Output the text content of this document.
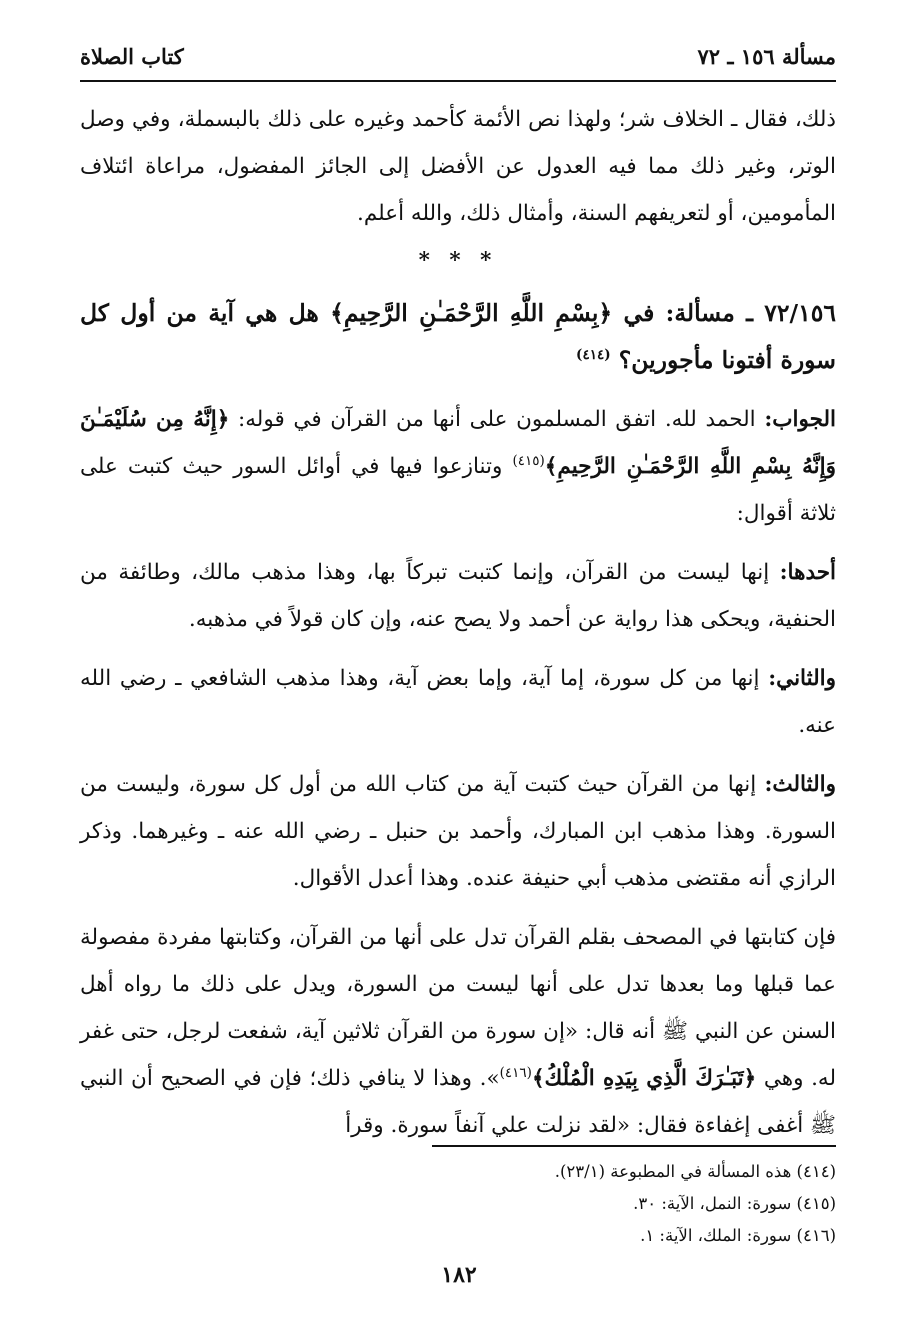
مسألة ١٥٦ ـ ٧٢
كتاب الصلاة

ذلك، فقال ـ الخلاف شر؛ ولهذا نص الأئمة كأحمد وغيره على ذلك بالبسملة، وفي وصل الوتر، وغير ذلك مما فيه العدول عن الأفضل إلى الجائز المفضول، مراعاة ائتلاف المأمومين، أو لتعريفهم السنة، وأمثال ذلك، والله أعلم.

* * *

٧٢/١٥٦ ـ مسألة: في ﴿بِسْمِ اللَّهِ الرَّحْمَـٰنِ الرَّحِيمِ﴾ هل هي آية من أول كل سورة أفتونا مأجورين؟ $^{(٤١٤)}$

الجواب: الحمد لله. اتفق المسلمون على أنها من القرآن في قوله: ﴿إِنَّهُ مِن سُلَيْمَـٰنَ وَإِنَّهُ بِسْمِ اللَّهِ الرَّحْمَـٰنِ الرَّحِيمِ﴾$^{(٤١٥)}$ وتنازعوا فيها في أوائل السور حيث كتبت على ثلاثة أقوال:

أحدها: إنها ليست من القرآن، وإنما كتبت تبركاً بها، وهذا مذهب مالك، وطائفة من الحنفية، ويحكى هذا رواية عن أحمد ولا يصح عنه، وإن كان قولاً في مذهبه.

والثاني: إنها من كل سورة، إما آية، وإما بعض آية، وهذا مذهب الشافعي ـ رضي الله عنه.

والثالث: إنها من القرآن حيث كتبت آية من كتاب الله من أول كل سورة، وليست من السورة. وهذا مذهب ابن المبارك، وأحمد بن حنبل ـ رضي الله عنه ـ وغيرهما. وذكر الرازي أنه مقتضى مذهب أبي حنيفة عنده. وهذا أعدل الأقوال.

فإن كتابتها في المصحف بقلم القرآن تدل على أنها من القرآن، وكتابتها مفردة مفصولة عما قبلها وما بعدها تدل على أنها ليست من السورة، ويدل على ذلك ما رواه أهل السنن عن النبي ﷺ أنه قال: «إن سورة من القرآن ثلاثين آية، شفعت لرجل، حتى غفر له. وهي ﴿تَبَـٰرَكَ الَّذِي بِيَدِهِ الْمُلْكُ﴾$^{(٤١٦)}$». وهذا لا ينافي ذلك؛ فإن في الصحيح أن النبي ﷺ أغفى إغفاءة فقال: «لقد نزلت علي آنفاً سورة. وقرأ

(٤١٤) هذه المسألة في المطبوعة (٢٣/١).

(٤١٥) سورة: النمل، الآية: ٣٠.

(٤١٦) سورة: الملك، الآية: ١.

١٨٢
